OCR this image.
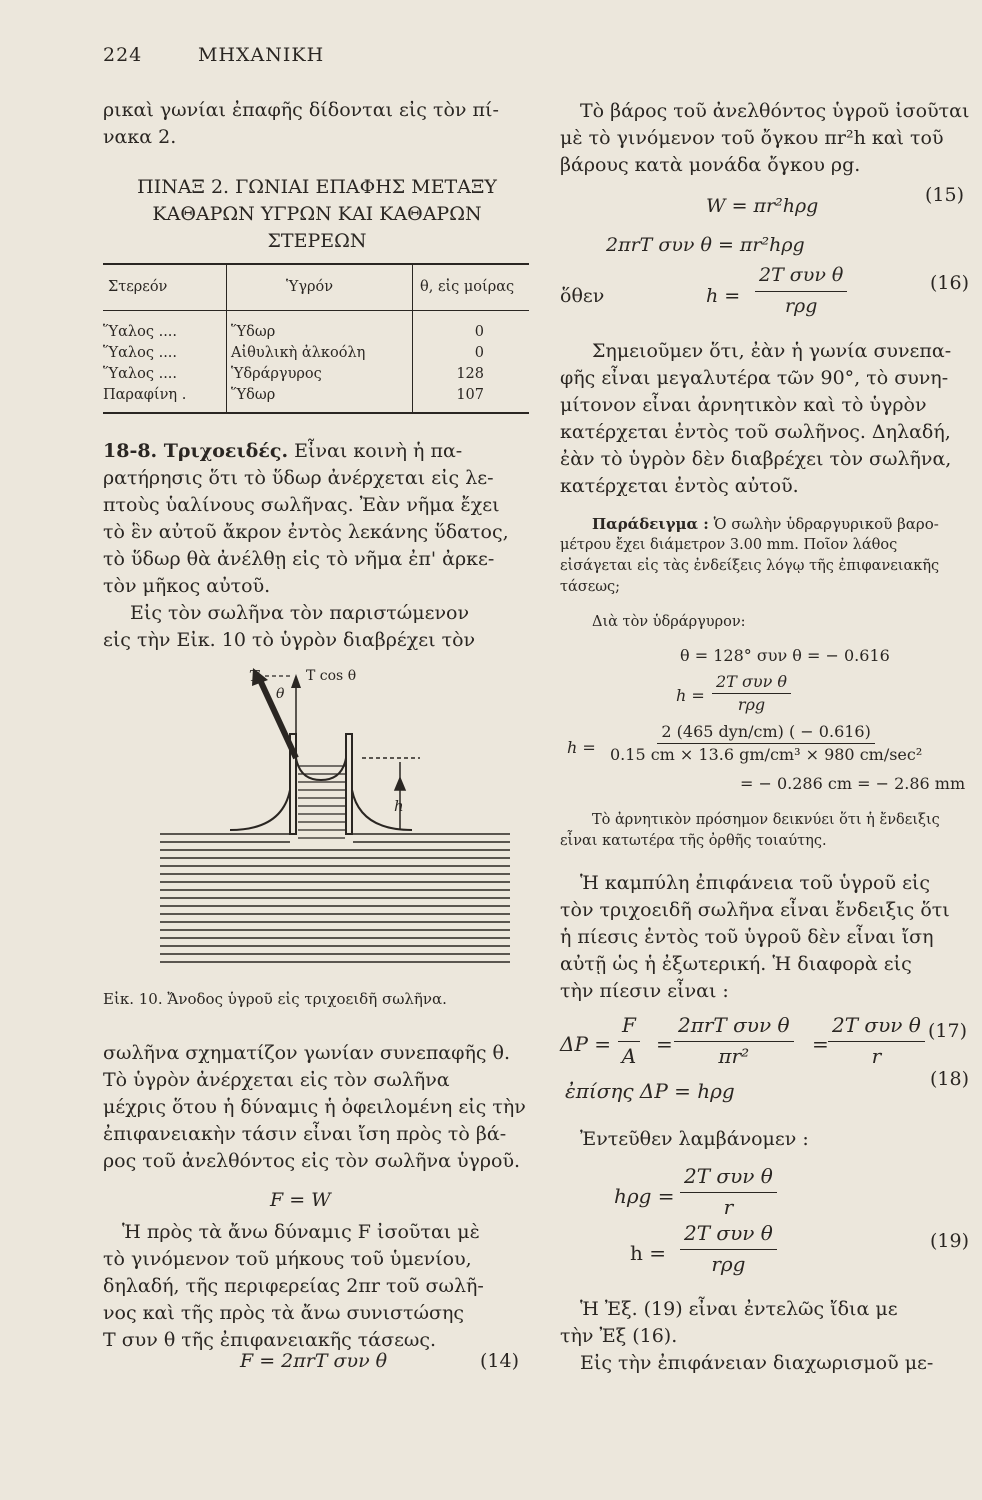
224	ΜΗΧΑΝΙΚΗ
ρικαὶ γωνίαι ἐπαφῆς δίδονται εἰς τὸν πί-
νακα 2.
ΠΙΝΑΞ 2. ΓΩΝΙΑΙ ΕΠΑΦΗΣ ΜΕΤΑΞΥ
ΚΑΘΑΡΩΝ ΥΓΡΩΝ ΚΑΙ ΚΑΘΑΡΩΝ
ΣΤΕΡΕΩΝ
Στερεόν	Ὑγρόν	θ, εἰς μοίρας
Ὕαλος ....	Ὕδωρ	0
Ὕαλος ....	Αἰθυλικὴ ἀλκοόλη	0
Ὕαλος ....	Ὑδράργυρος	128
Παραφίνη .	Ὕδωρ	107
18-8. Τριχοειδές. Εἶναι κοινὴ ἡ πα-
ρατήρησις ὅτι τὸ ὕδωρ ἀνέρχεται εἰς λε-
πτοὺς ὑαλίνους σωλῆνας. Ἐὰν νῆμα ἔχει
τὸ ἓν αὐτοῦ ἄκρον ἐντὸς λεκάνης ὕδατος,
τὸ ὕδωρ θὰ ἀνέλθῃ εἰς τὸ νῆμα ἐπ' ἀρκε-
τὸν μῆκος αὐτοῦ.
Εἰς τὸν σωλῆνα τὸν παριστώμενον
εἰς τὴν Εἰκ. 10 τὸ ὑγρὸν διαβρέχει τὸν
T	T cos θ
θ
h
Εἰκ. 10. Ἄνοδος ὑγροῦ εἰς τριχοειδῆ σωλῆνα.
σωλῆνα σχηματίζον γωνίαν συνεπαφῆς θ.
Τὸ ὑγρὸν ἀνέρχεται εἰς τὸν σωλῆνα
μέχρις ὅτου ἡ δύναμις ἡ ὀφειλομένη εἰς τὴν
ἐπιφανειακὴν τάσιν εἶναι ἴση πρὸς τὸ βά-
ρος τοῦ ἀνελθόντος εἰς τὸν σωλῆνα ὑγροῦ.
F = W
Ἡ πρὸς τὰ ἄνω δύναμις F ἰσοῦται μὲ
τὸ γινόμενον τοῦ μήκους τοῦ ὑμενίου,
δηλαδή, τῆς περιφερείας 2πr τοῦ σωλῆ-
νος καὶ τῆς πρὸς τὰ ἄνω συνιστώσης
T συν θ τῆς ἐπιφανειακῆς τάσεως.
F = 2πrT συν θ	(14)
Τὸ βάρος τοῦ ἀνελθόντος ὑγροῦ ἰσοῦται
μὲ τὸ γινόμενον τοῦ ὄγκου πr²h καὶ τοῦ
βάρους κατὰ μονάδα ὄγκου ρg.
W = πr²hρg	(15)
2πrT συν θ = πr²hρg
ὅθεν	h =
2T συν θ
rρg
(16)
Σημειοῦμεν ὅτι, ἐὰν ἡ γωνία συνεπα-
φῆς εἶναι μεγαλυτέρα τῶν 90°, τὸ συνη-
μίτονον εἶναι ἀρνητικὸν καὶ τὸ ὑγρὸν
κατέρχεται ἐντὸς τοῦ σωλῆνος. Δηλαδή,
ἐὰν τὸ ὑγρὸν δὲν διαβρέχει τὸν σωλῆνα,
κατέρχεται ἐντὸς αὐτοῦ.
Παράδειγμα : Ὁ σωλὴν ὑδραργυρικοῦ βαρο-
μέτρου ἔχει διάμετρον 3.00 mm. Ποῖον λάθος
εἰσάγεται εἰς τὰς ἐνδείξεις λόγῳ τῆς ἐπιφανειακῆς
τάσεως;
Διὰ τὸν ὑδράργυρον:
θ = 128° συν θ = − 0.616
h =
2T συν θ
rρg
h =
2 (465 dyn/cm) ( − 0.616)
0.15 cm × 13.6 gm/cm³ × 980 cm/sec²
= − 0.286 cm = − 2.86 mm
Τὸ ἀρνητικὸν πρόσημον δεικνύει ὅτι ἡ ἔνδειξις
εἶναι κατωτέρα τῆς ὀρθῆς τοιαύτης.
Ἡ καμπύλη ἐπιφάνεια τοῦ ὑγροῦ εἰς
τὸν τριχοειδῆ σωλῆνα εἶναι ἔνδειξις ὅτι
ἡ πίεσις ἐντὸς τοῦ ὑγροῦ δὲν εἶναι ἴση
αὐτῇ ὡς ἡ ἐξωτερική. Ἡ διαφορὰ εἰς
τὴν πίεσιν εἶναι :
$\Delta P = \frac{F}{A}$ =
2πrT συν θ
πr²	=
2T συν θ
r
(17)
ἐπίσης ΔP = hρg	(18)
Ἐντεῦθεν λαμβάνομεν :
hρg =
2T συν θ
r
h =
2T συν θ
rρg
(19)
Ἡ Ἐξ. (19) εἶναι ἐντελῶς ἴδια με
τὴν Ἐξ (16).
Εἰς τὴν ἐπιφάνειαν διαχωρισμοῦ με-
